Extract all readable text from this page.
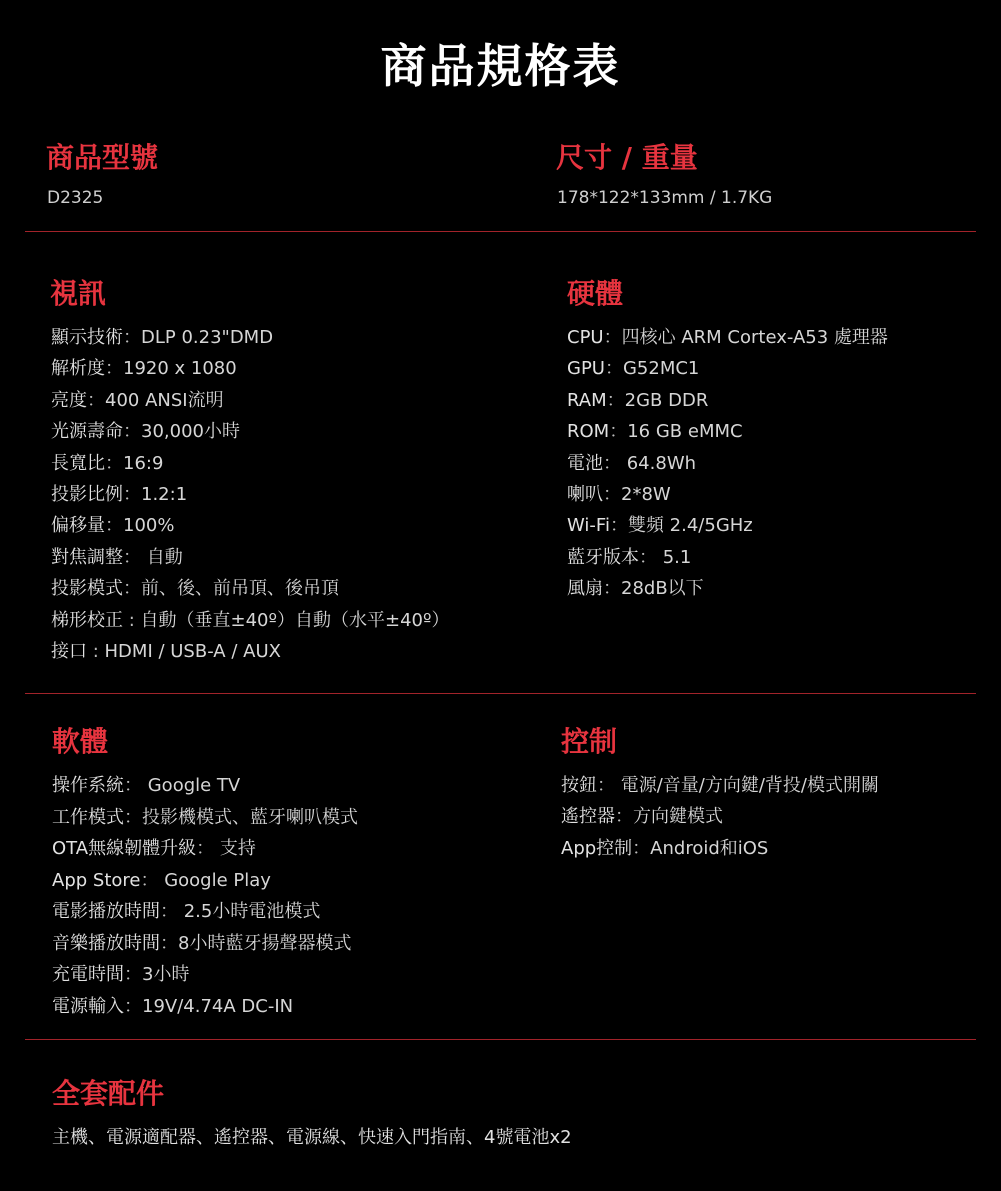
商品規格表
商品型號
D2325
尺寸 / 重量
178*122*133mm / 1.7KG
視訊
顯示技術：DLP 0.23"DMD
解析度：1920 x 1080
亮度：400 ANSI流明
光源壽命：30,000小時
長寬比：16:9
投影比例：1.2:1
偏移量：100%
對焦調整： 自動
投影模式：前、後、前吊頂、後吊頂
梯形校正 : 自動（垂直±40º）自動（水平±40º）
接口 : HDMI / USB-A / AUX
硬體
CPU：四核心 ARM Cortex-A53 處理器
GPU：G52MC1
RAM：2GB DDR
ROM：16 GB eMMC
電池： 64.8Wh
喇叭：2*8W
Wi-Fi：雙頻 2.4/5GHz
藍牙版本： 5.1
風扇：28dB以下
軟體
操作系統： Google TV
工作模式：投影機模式、藍牙喇叭模式
OTA無線韌體升級： 支持
App Store： Google Play
電影播放時間： 2.5小時電池模式
音樂播放時間：8小時藍牙揚聲器模式
充電時間：3小時
電源輸入：19V/4.74A DC-IN
控制
按鈕： 電源/音量/方向鍵/背投/模式開關
遙控器：方向鍵模式
App控制：Android和iOS
全套配件
主機、電源適配器、遙控器、電源線、快速入門指南、4號電池x2
